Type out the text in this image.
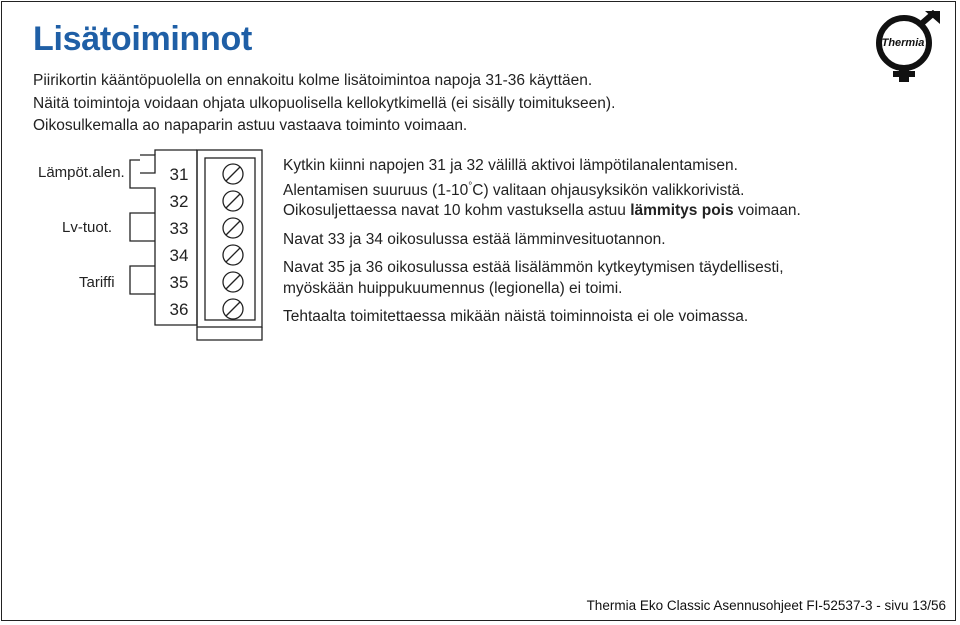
Lisätoiminnot
Piirikortin kääntöpuolella on ennakoitu kolme lisätoimintoa napoja 31-36 käyttäen.
Näitä toimintoja voidaan ohjata ulkopuolisella kellokytkimellä (ei sisälly toimitukseen).
Oikosulkemalla ao napaparin astuu vastaava toiminto voimaan.
Thermia
Lämpöt.alen.
Lv-tuot.
Tariffi
31
32
33
34
35
36

Kytkin kiinni napojen 31 ja 32 välillä aktivoi lämpötilanalentamisen.

Alentamisen suuruus (1-10°C) valitaan ohjausyksikön valikkorivistä.

Oikosuljettaessa navat 10 kohm vastuksella astuu lämmitys pois voimaan.

Navat 33 ja 34 oikosulussa estää lämminvesituotannon.

Navat 35 ja 36 oikosulussa estää lisälämmön kytkeytymisen täydellisesti,

myöskään huippukuumennus (legionella) ei toimi.

Tehtaalta toimitettaessa mikään näistä toiminnoista ei ole voimassa.

Thermia Eko Classic Asennusohjeet FI-52537-3 - sivu 13/56
